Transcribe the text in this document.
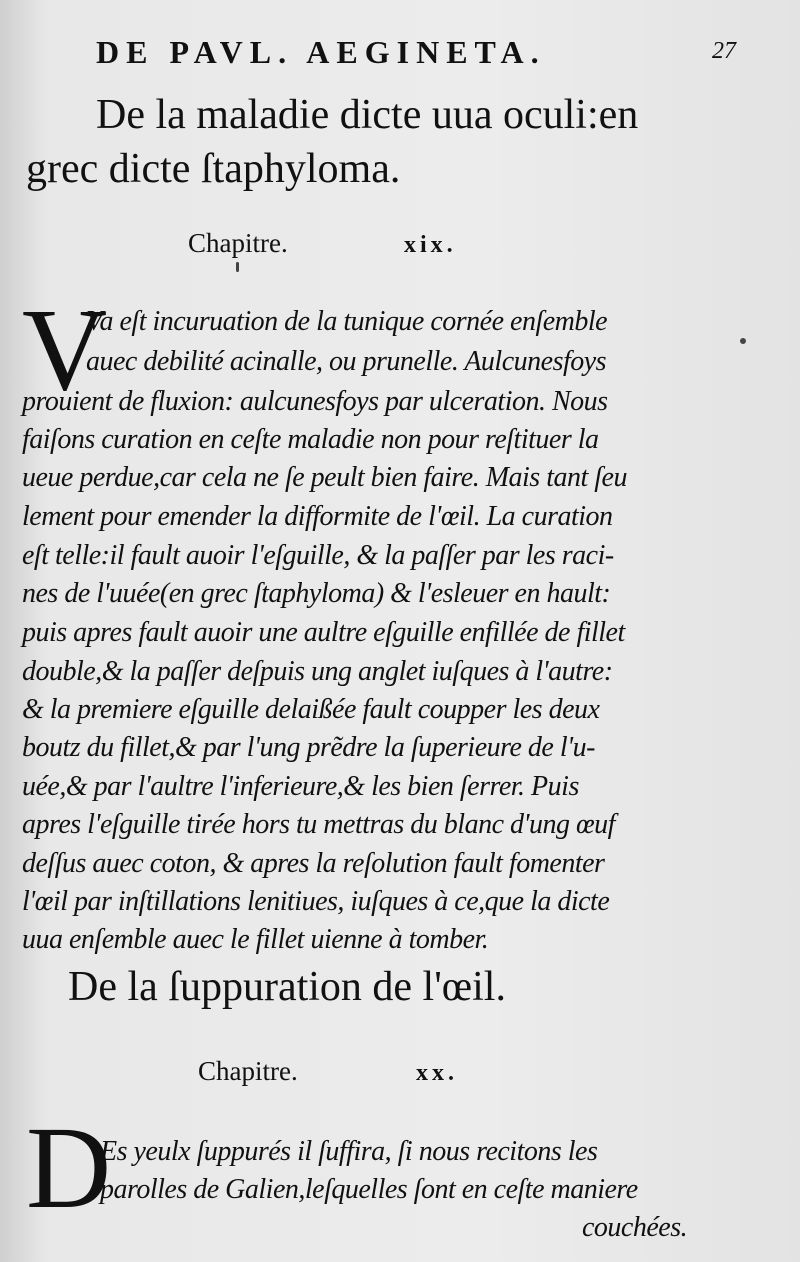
DE PAVL. AEGINETA.	27
De la maladie dicte uua oculi:en
grec dicte ſtaphyloma.
Chapitre.	xix.
V
Va eſt incuruation de la tunique cornée enſemble
auec debilité acinalle, ou prunelle. Aulcunesfoys
prouient de fluxion: aulcunesfoys par ulceration. Nous
faiſons curation en ceſte maladie non pour reſtituer la
ueue perdue,car cela ne ſe peult bien faire. Mais tant ſeu
lement pour emender la difformite de l'œil. La curation
eſt telle:il fault auoir l'eſguille, & la paſſer par les raci-
nes de l'uuée(en grec ſtaphyloma) & l'esleuer en hault:
puis apres fault auoir une aultre eſguille enfillée de fillet
double,& la paſſer deſpuis ung anglet iuſques à l'autre:
& la premiere eſguille delaißée fault coupper les deux
boutz du fillet,& par l'ung prẽdre la ſuperieure de l'u-
uée,& par l'aultre l'inferieure,& les bien ſerrer. Puis
apres l'eſguille tirée hors tu mettras du blanc d'ung œuf
deſſus auec coton, & apres la reſolution fault fomenter
l'œil par inſtillations lenitiues, iuſques à ce,que la dicte
uua enſemble auec le fillet uienne à tomber.
De la ſuppuration de l'œil.
Chapitre.	xx.
D
Es yeulx ſuppurés il ſuffira, ſi nous recitons les
parolles de Galien,leſquelles ſont en ceſte maniere
couchées.
